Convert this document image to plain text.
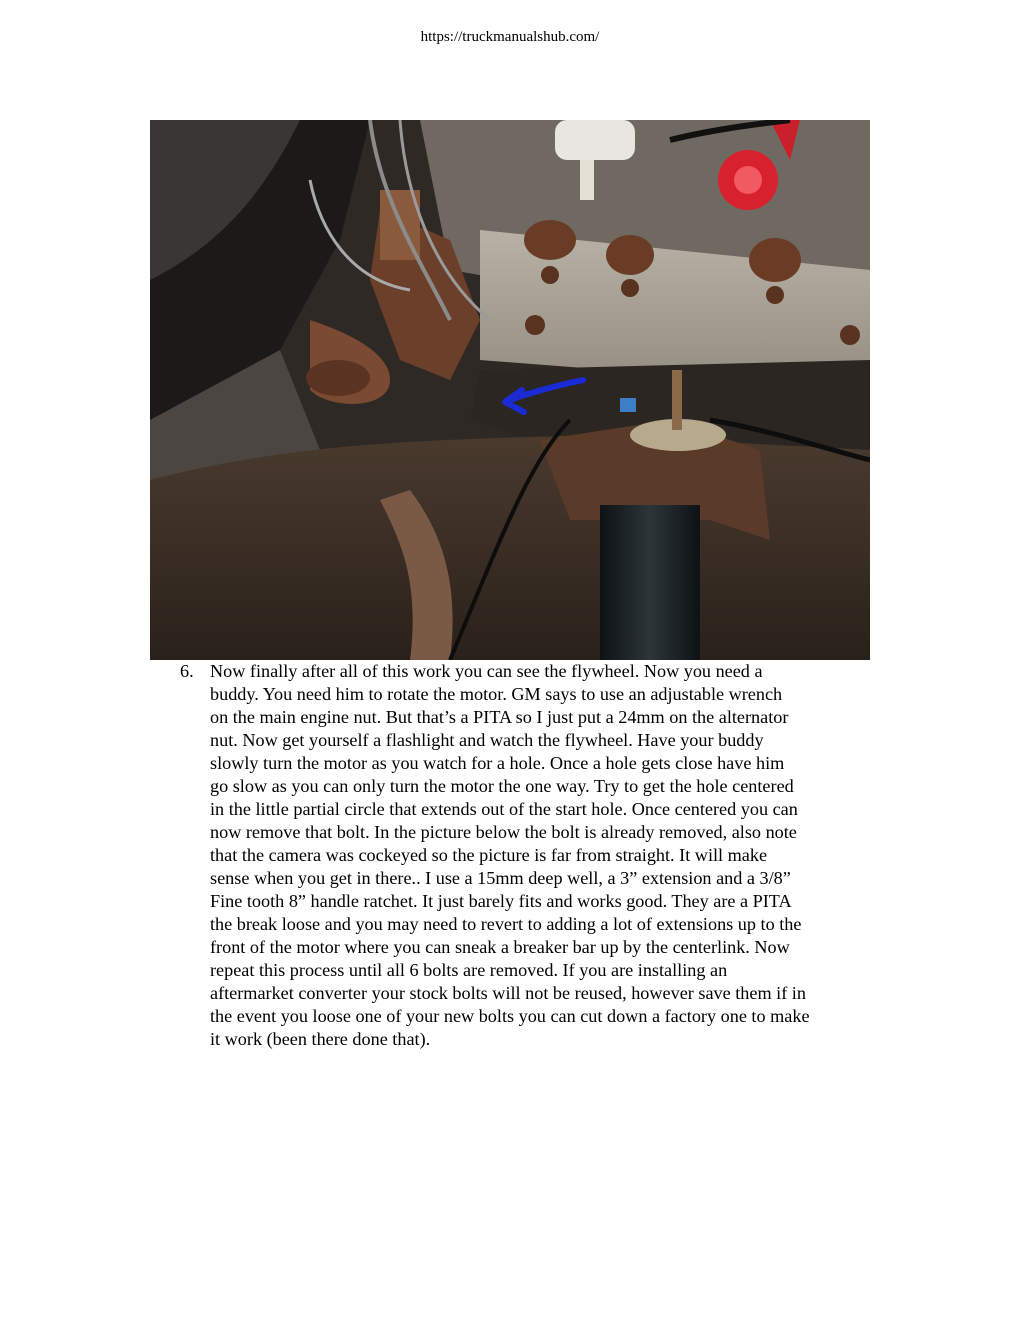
https://truckmanualshub.com/
6. Now finally after all of this work you can see the flywheel. Now you need a
buddy. You need him to rotate the motor. GM says to use an adjustable wrench
on the main engine nut. But that’s a PITA so I just put a 24mm on the alternator
nut. Now get yourself a flashlight and watch the flywheel. Have your buddy
slowly turn the motor as you watch for a hole. Once a hole gets close have him
go slow as you can only turn the motor the one way. Try to get the hole centered
in the little partial circle that extends out of the start hole. Once centered you can
now remove that bolt. In the picture below the bolt is already removed, also note
that the camera was cockeyed so the picture is far from straight. It will make
sense when you get in there.. I use a 15mm deep well, a 3” extension and a 3/8”
Fine tooth 8” handle ratchet. It just barely fits and works good. They are a PITA
the break loose and you may need to revert to adding a lot of extensions up to the
front of the motor where you can sneak a breaker bar up by the centerlink. Now
repeat this process until all 6 bolts are removed. If you are installing an
aftermarket converter your stock bolts will not be reused, however save them if in
the event you loose one of your new bolts you can cut down a factory one to make
it work (been there done that).
